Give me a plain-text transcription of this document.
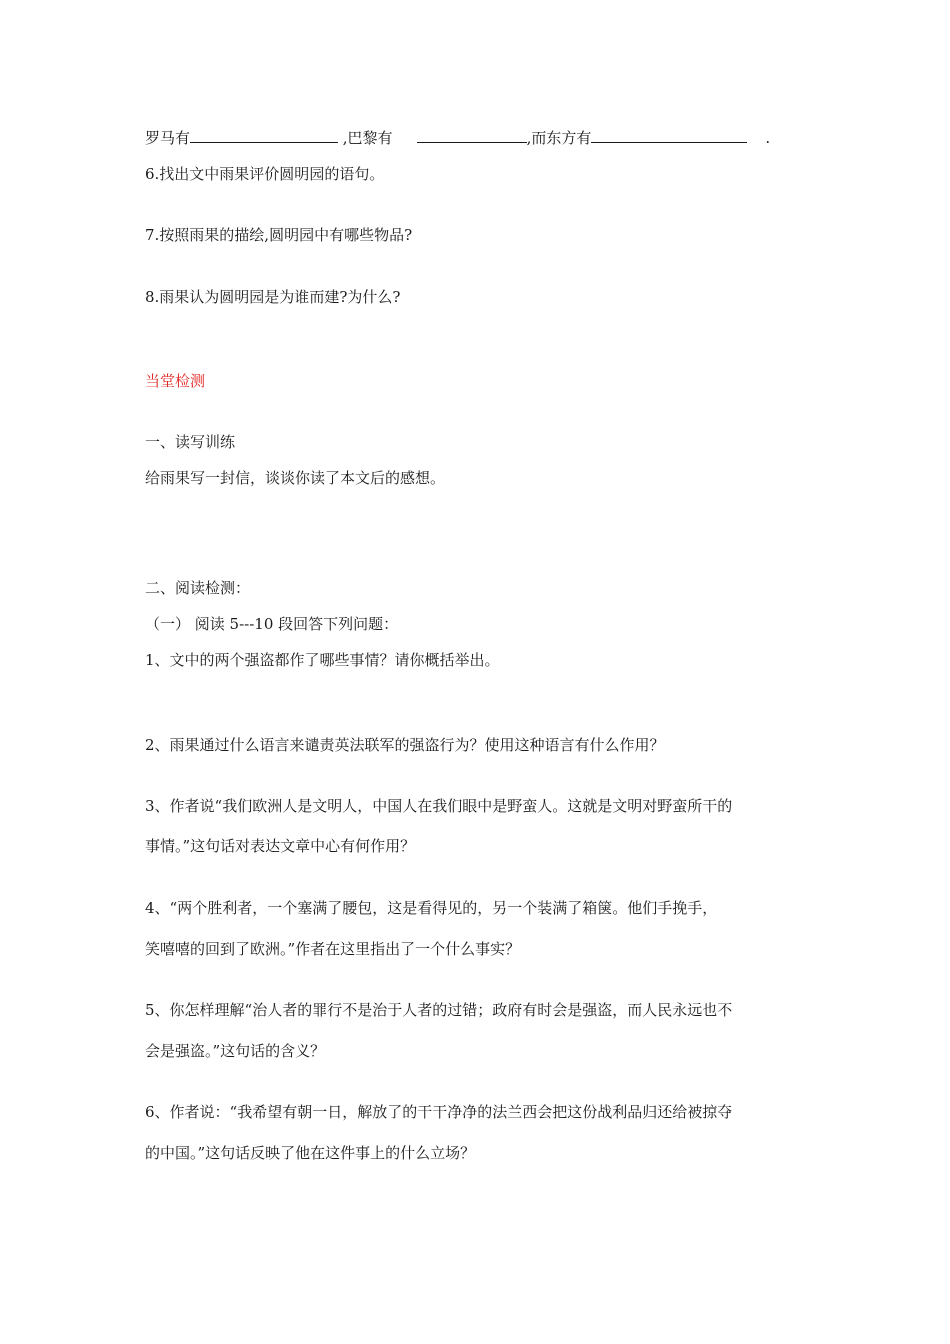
罗马有	,巴黎有	,而东方有	.
6.找出文中雨果评价圆明园的语句。
7.按照雨果的描绘,圆明园中有哪些物品?
8.雨果认为圆明园是为谁而建?为什么?
当堂检测
一、读写训练
给雨果写一封信，谈谈你读了本文后的感想。
二、阅读检测：
（一） 阅读 5---10 段回答下列问题：
1、文中的两个强盗都作了哪些事情？请你概括举出。
2、雨果通过什么语言来谴责英法联军的强盗行为？使用这种语言有什么作用？
3、作者说“我们欧洲人是文明人，中国人在我们眼中是野蛮人。这就是文明对野蛮所干的
事情。”这句话对表达文章中心有何作用？
4、“两个胜利者，一个塞满了腰包，这是看得见的，另一个装满了箱箧。他们手挽手，
笑嘻嘻的回到了欧洲。”作者在这里指出了一个什么事实？
5、你怎样理解“治人者的罪行不是治于人者的过错；政府有时会是强盗，而人民永远也不
会是强盗。”这句话的含义？
6、作者说：“我希望有朝一日，解放了的干干净净的法兰西会把这份战利品归还给被掠夺
的中国。”这句话反映了他在这件事上的什么立场？
